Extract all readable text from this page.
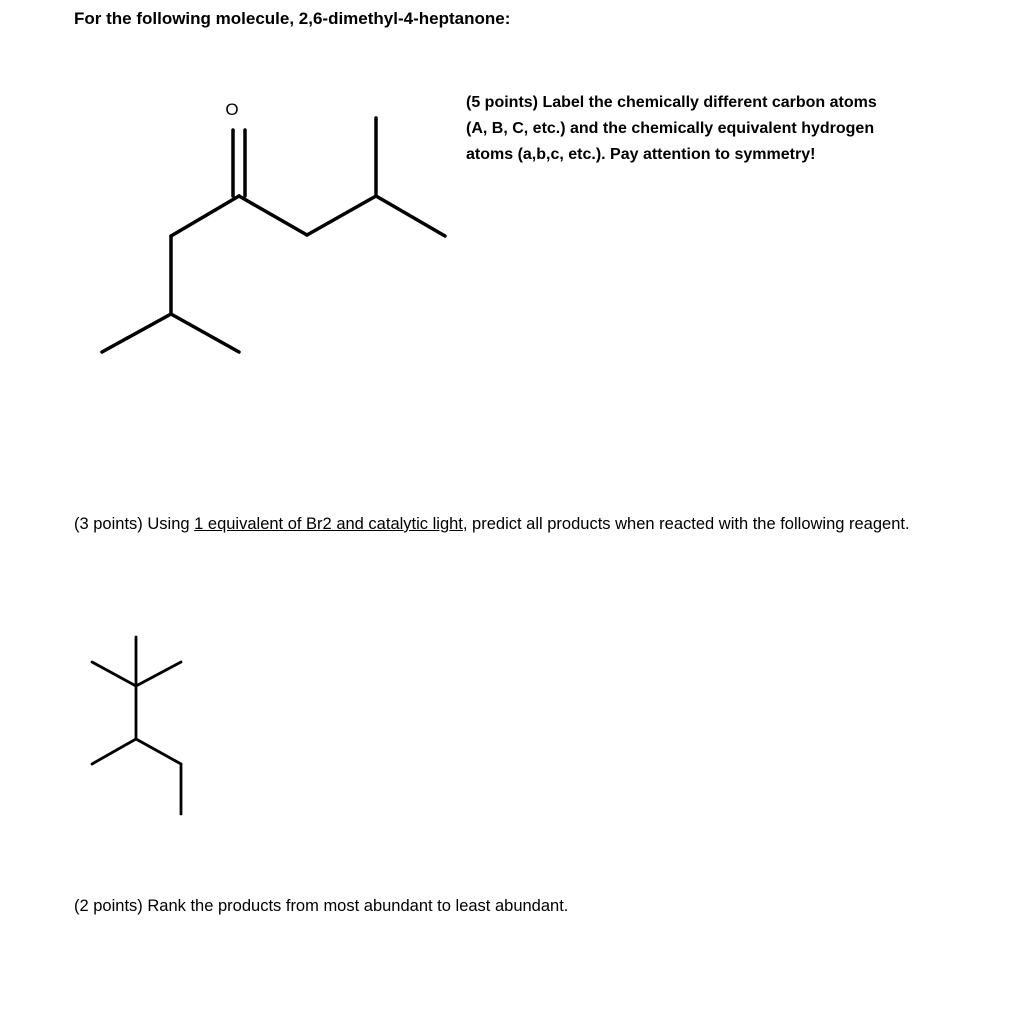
For the following molecule, 2,6-dimethyl-4-heptanone:
O	(5 points) Label the chemically different carbon atoms
(A, B, C, etc.) and the chemically equivalent hydrogen
atoms (a,b,c, etc.). Pay attention to symmetry!
(3 points) Using 1 equivalent of Br2 and catalytic light, predict all products when reacted with the following reagent.
(2 points) Rank the products from most abundant to least abundant.
